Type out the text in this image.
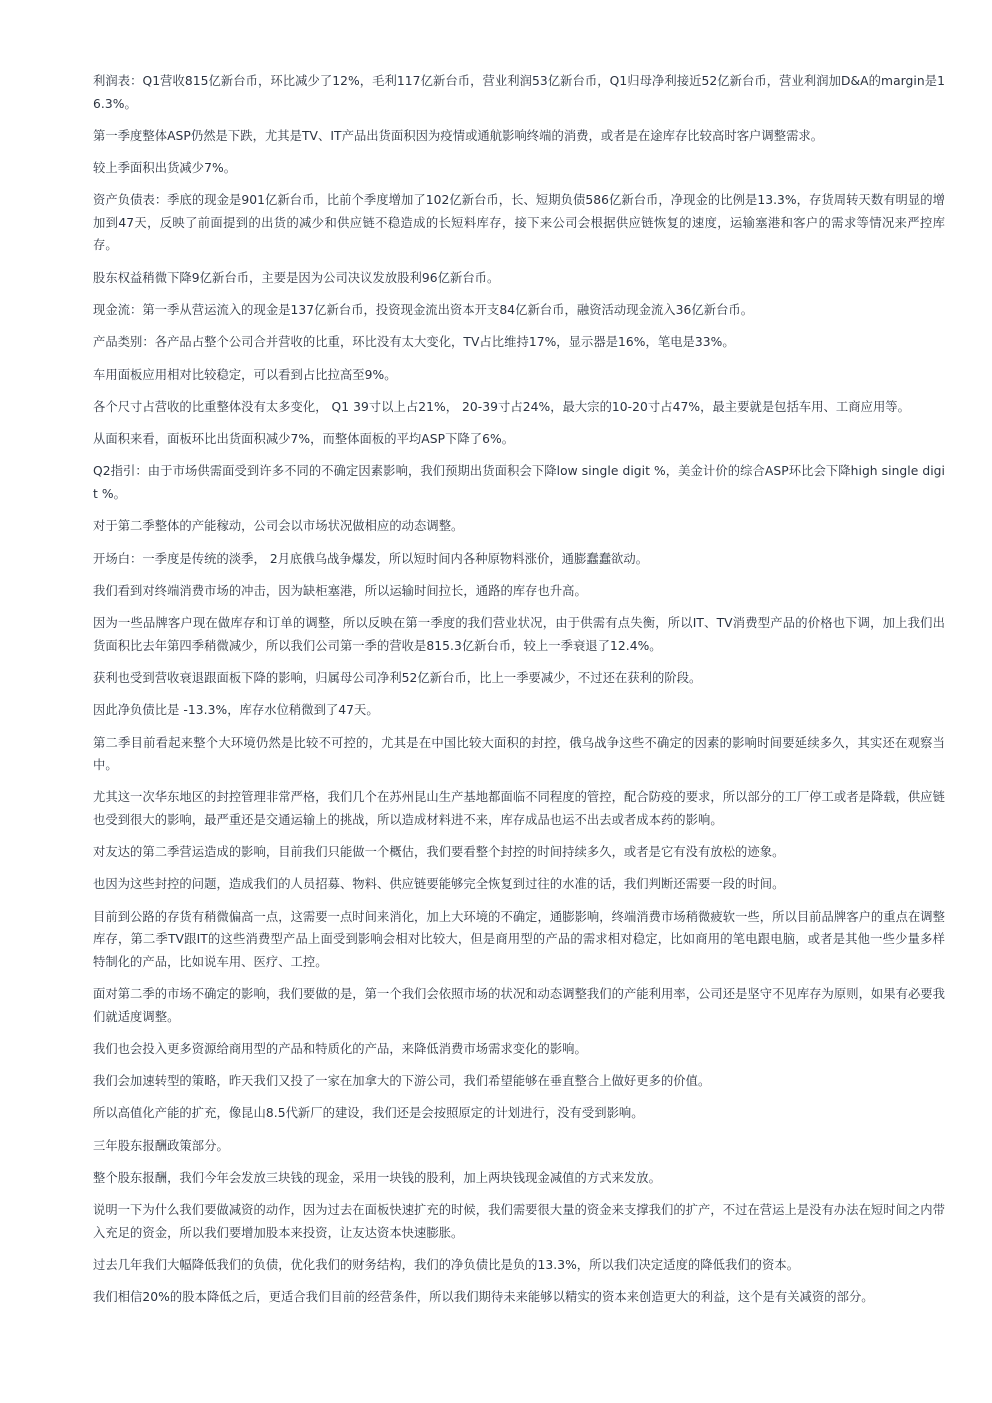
利润表：Q1营收815亿新台币，环比减少了12%，毛利117亿新台币，营业利润53亿新台币，Q1归母净利接近52亿新台币，营业利润加D&A的margin是16.3%。

第一季度整体ASP仍然是下跌，尤其是TV、IT产品出货面积因为疫情或通航影响终端的消费，或者是在途库存比较高时客户调整需求。

较上季面积出货减少7%。

资产负债表：季底的现金是901亿新台币，比前个季度增加了102亿新台币，长、短期负债586亿新台币，净现金的比例是13.3%，存货周转天数有明显的增加到47天，反映了前面提到的出货的减少和供应链不稳造成的长短料库存，接下来公司会根据供应链恢复的速度，运输塞港和客户的需求等情况来严控库存。

股东权益稍微下降9亿新台币，主要是因为公司决议发放股利96亿新台币。

现金流：第一季从营运流入的现金是137亿新台币，投资现金流出资本开支84亿新台币，融资活动现金流入36亿新台币。

产品类别：各产品占整个公司合并营收的比重，环比没有太大变化，TV占比维持17%，显示器是16%，笔电是33%。

车用面板应用相对比较稳定，可以看到占比拉高至9%。

各个尺寸占营收的比重整体没有太多变化， Q1 39寸以上占21%， 20-39寸占24%，最大宗的10-20寸占47%，最主要就是包括车用、工商应用等。

从面积来看，面板环比出货面积减少7%，而整体面板的平均ASP下降了6%。

Q2指引：由于市场供需面受到许多不同的不确定因素影响，我们预期出货面积会下降low single digit %，美金计价的综合ASP环比会下降high single digit %。

对于第二季整体的产能稼动，公司会以市场状况做相应的动态调整。

开场白：一季度是传统的淡季， 2月底俄乌战争爆发，所以短时间内各种原物料涨价，通膨蠢蠢欲动。

我们看到对终端消费市场的冲击，因为缺柜塞港，所以运输时间拉长，通路的库存也升高。

因为一些品牌客户现在做库存和订单的调整，所以反映在第一季度的我们营业状况，由于供需有点失衡，所以IT、TV消费型产品的价格也下调，加上我们出货面积比去年第四季稍微减少，所以我们公司第一季的营收是815.3亿新台币，较上一季衰退了12.4%。

获利也受到营收衰退跟面板下降的影响，归属母公司净利52亿新台币，比上一季要减少，不过还在获利的阶段。

因此净负债比是 -13.3%，库存水位稍微到了47天。

第二季目前看起来整个大环境仍然是比较不可控的，尤其是在中国比较大面积的封控，俄乌战争这些不确定的因素的影响时间要延续多久，其实还在观察当中。

尤其这一次华东地区的封控管理非常严格，我们几个在苏州昆山生产基地都面临不同程度的管控，配合防疫的要求，所以部分的工厂停工或者是降载，供应链也受到很大的影响，最严重还是交通运输上的挑战，所以造成材料进不来，库存成品也运不出去或者成本药的影响。

对友达的第二季营运造成的影响，目前我们只能做一个概估，我们要看整个封控的时间持续多久，或者是它有没有放松的迹象。

也因为这些封控的问题，造成我们的人员招募、物料、供应链要能够完全恢复到过往的水准的话，我们判断还需要一段的时间。

目前到公路的存货有稍微偏高一点，这需要一点时间来消化，加上大环境的不确定，通膨影响，终端消费市场稍微疲软一些，所以目前品牌客户的重点在调整库存，第二季TV跟IT的这些消费型产品上面受到影响会相对比较大，但是商用型的产品的需求相对稳定，比如商用的笔电跟电脑，或者是其他一些少量多样特制化的产品，比如说车用、医疗、工控。

面对第二季的市场不确定的影响，我们要做的是，第一个我们会依照市场的状况和动态调整我们的产能利用率，公司还是坚守不见库存为原则，如果有必要我们就适度调整。

我们也会投入更多资源给商用型的产品和特质化的产品，来降低消费市场需求变化的影响。

我们会加速转型的策略，昨天我们又投了一家在加拿大的下游公司，我们希望能够在垂直整合上做好更多的价值。

所以高值化产能的扩充，像昆山8.5代新厂的建设，我们还是会按照原定的计划进行，没有受到影响。

三年股东报酬政策部分。

整个股东报酬，我们今年会发放三块钱的现金，采用一块钱的股利，加上两块钱现金减值的方式来发放。

说明一下为什么我们要做减资的动作，因为过去在面板快速扩充的时候，我们需要很大量的资金来支撑我们的扩产，不过在营运上是没有办法在短时间之内带入充足的资金，所以我们要增加股本来投资，让友达资本快速膨胀。

过去几年我们大幅降低我们的负债，优化我们的财务结构，我们的净负债比是负的13.3%，所以我们决定适度的降低我们的资本。

我们相信20%的股本降低之后，更适合我们目前的经营条件，所以我们期待未来能够以精实的资本来创造更大的利益，这个是有关减资的部分。
